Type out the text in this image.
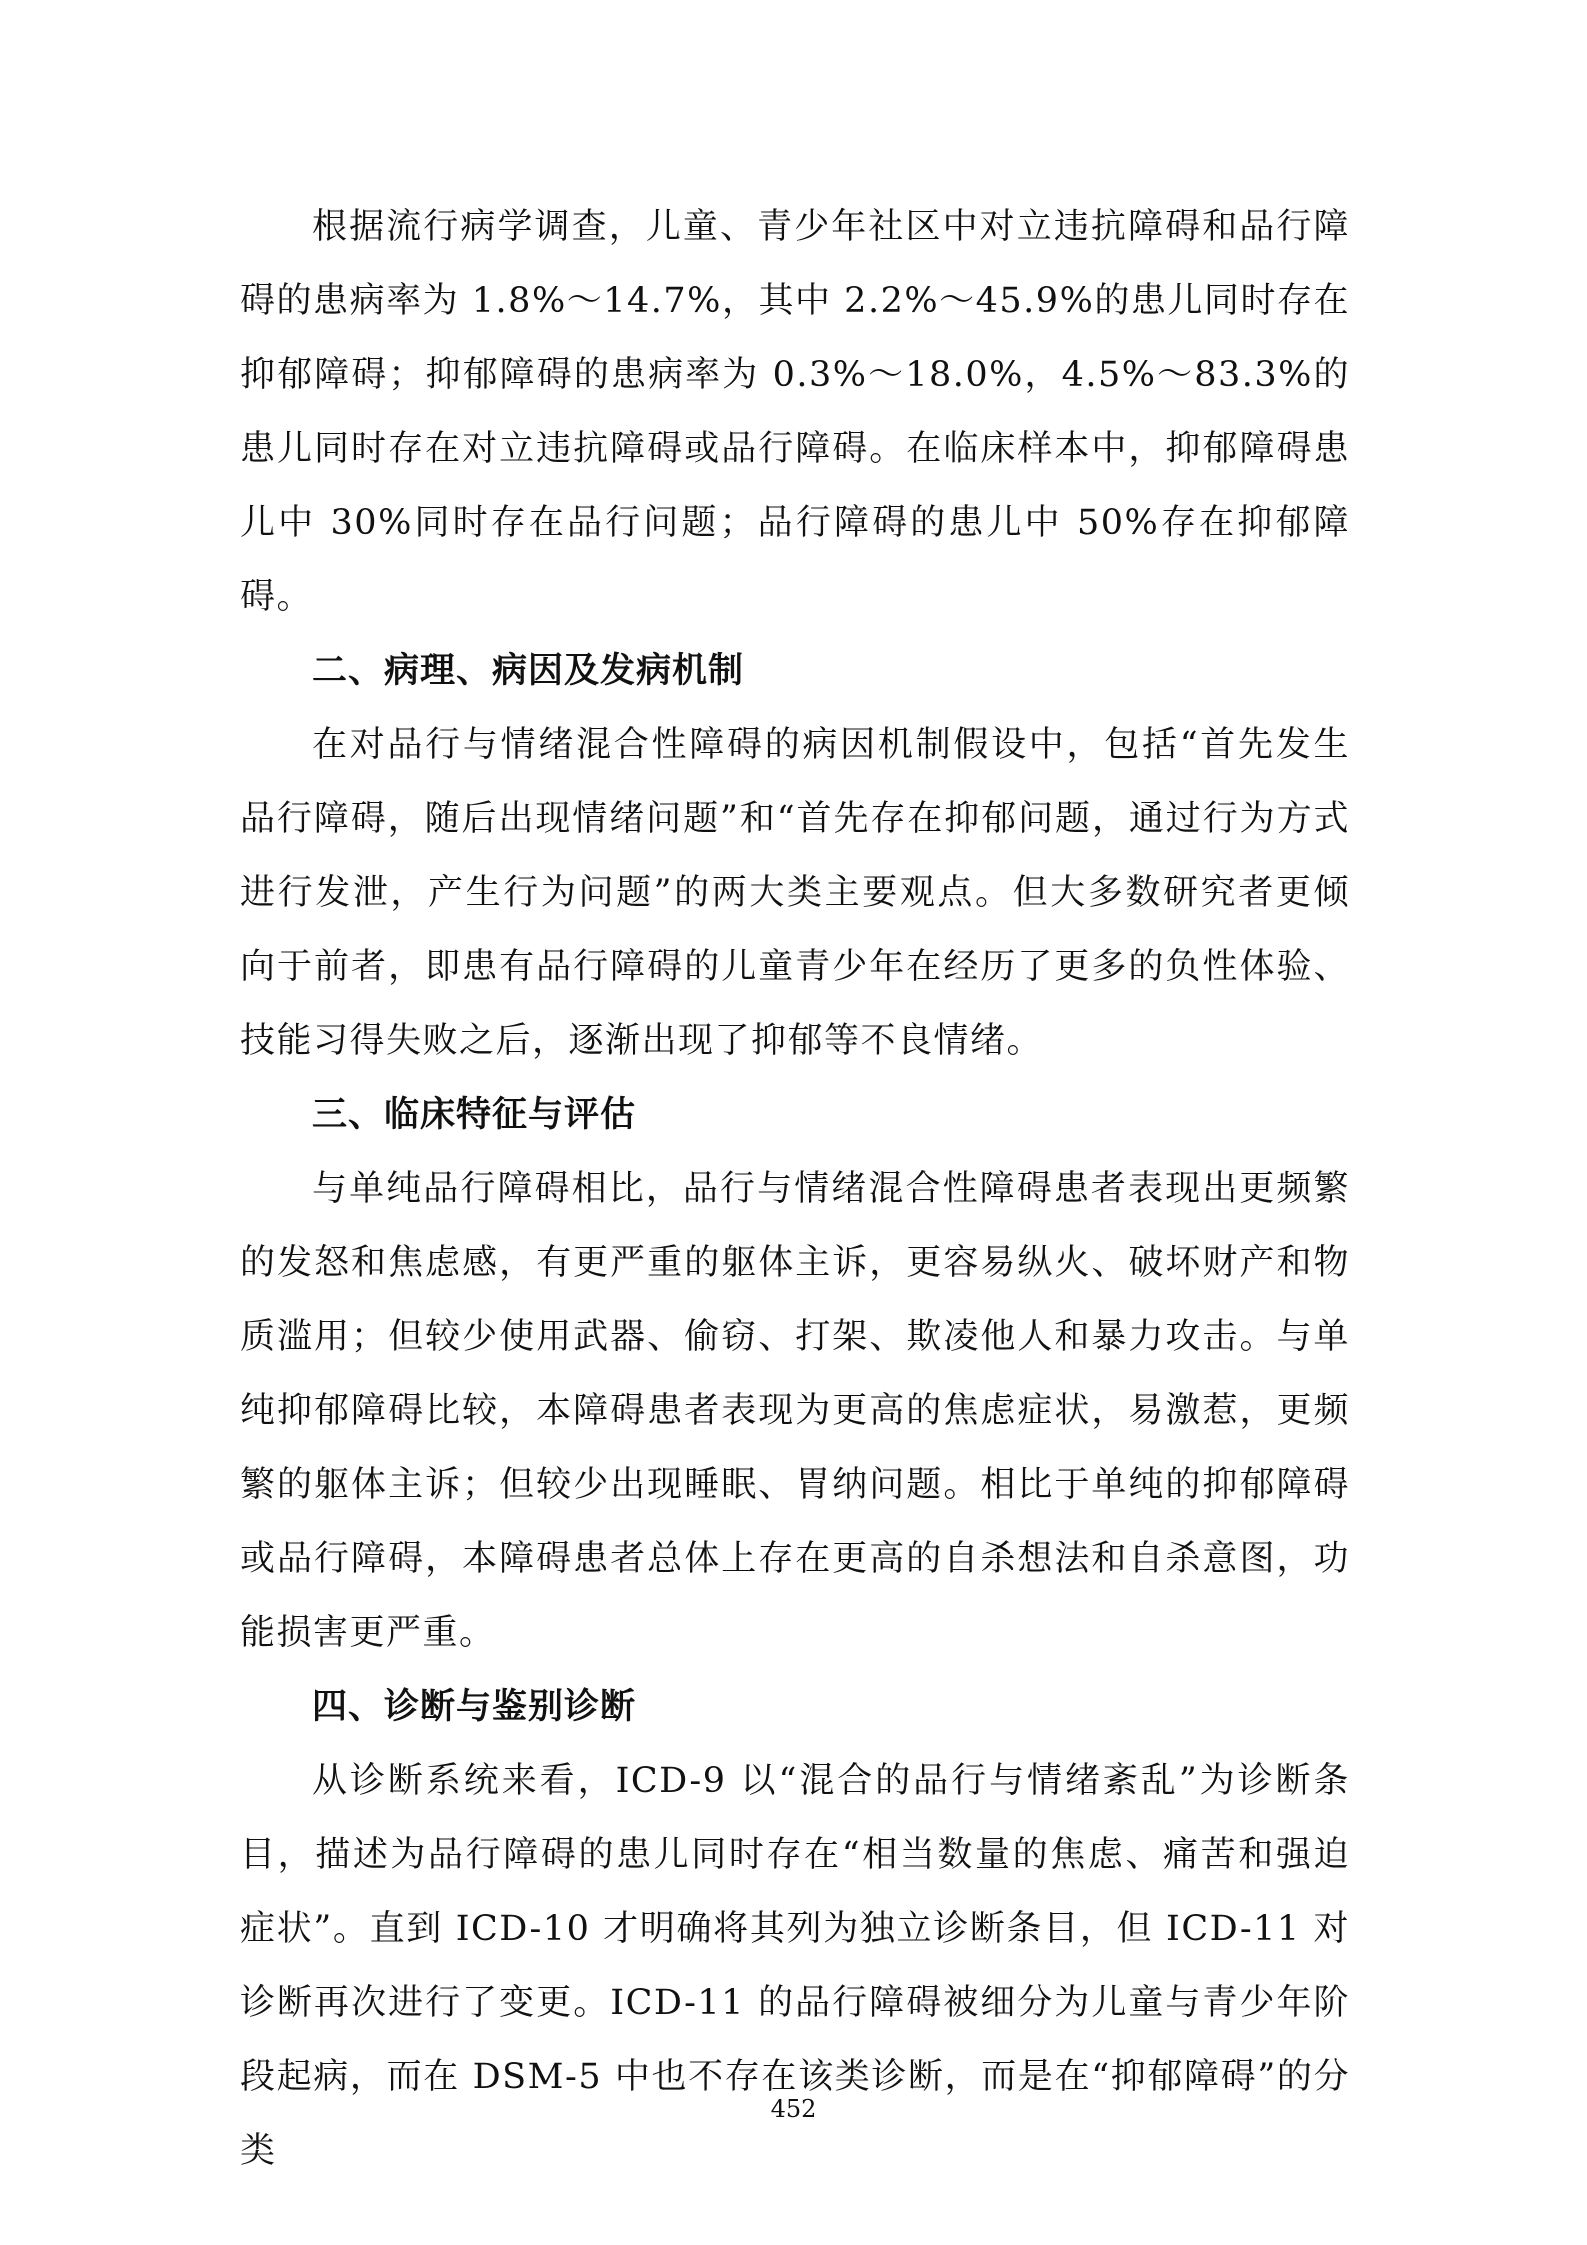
根据流行病学调查，儿童、青少年社区中对立违抗障碍和品行障碍的患病率为 1.8%～14.7%，其中 2.2%～45.9%的患儿同时存在抑郁障碍；抑郁障碍的患病率为 0.3%～18.0%，4.5%～83.3%的患儿同时存在对立违抗障碍或品行障碍。在临床样本中，抑郁障碍患儿中 30%同时存在品行问题；品行障碍的患儿中 50%存在抑郁障碍。

二、病理、病因及发病机制

在对品行与情绪混合性障碍的病因机制假设中，包括“首先发生品行障碍，随后出现情绪问题”和“首先存在抑郁问题，通过行为方式进行发泄，产生行为问题”的两大类主要观点。但大多数研究者更倾向于前者，即患有品行障碍的儿童青少年在经历了更多的负性体验、技能习得失败之后，逐渐出现了抑郁等不良情绪。

三、临床特征与评估

与单纯品行障碍相比，品行与情绪混合性障碍患者表现出更频繁的发怒和焦虑感，有更严重的躯体主诉，更容易纵火、破坏财产和物质滥用；但较少使用武器、偷窃、打架、欺凌他人和暴力攻击。与单纯抑郁障碍比较，本障碍患者表现为更高的焦虑症状，易激惹，更频繁的躯体主诉；但较少出现睡眠、胃纳问题。相比于单纯的抑郁障碍或品行障碍，本障碍患者总体上存在更高的自杀想法和自杀意图，功能损害更严重。

四、诊断与鉴别诊断

从诊断系统来看，ICD-9 以“混合的品行与情绪紊乱”为诊断条目，描述为品行障碍的患儿同时存在“相当数量的焦虑、痛苦和强迫症状”。直到 ICD-10 才明确将其列为独立诊断条目，但 ICD-11 对诊断再次进行了变更。ICD-11 的品行障碍被细分为儿童与青少年阶段起病，而在 DSM-5 中也不存在该类诊断，而是在“抑郁障碍”的分类

452
